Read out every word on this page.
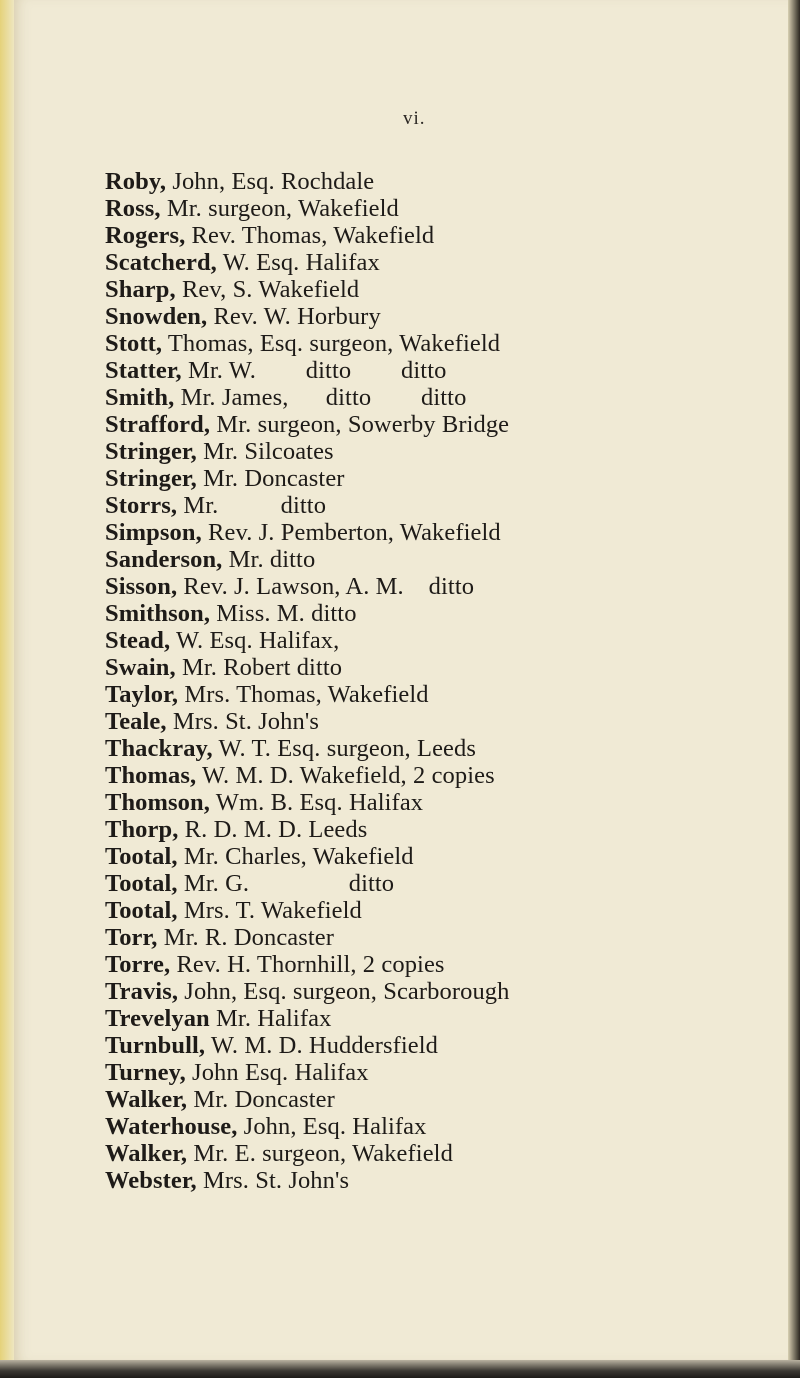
vi.

Roby, John, Esq. Rochdale
Ross, Mr. surgeon, Wakefield
Rogers, Rev. Thomas, Wakefield
Scatcherd, W. Esq. Halifax
Sharp, Rev, S. Wakefield
Snowden, Rev. W. Horbury
Stott, Thomas, Esq. surgeon, Wakefield
Statter, Mr. W.        ditto        ditto
Smith, Mr. James,      ditto        ditto
Strafford, Mr. surgeon, Sowerby Bridge
Stringer, Mr. Silcoates
Stringer, Mr. Doncaster
Storrs, Mr.          ditto
Simpson, Rev. J. Pemberton, Wakefield
Sanderson, Mr. ditto
Sisson, Rev. J. Lawson, A. M.    ditto
Smithson, Miss. M. ditto
Stead, W. Esq. Halifax,
Swain, Mr. Robert ditto
Taylor, Mrs. Thomas, Wakefield
Teale, Mrs. St. John's
Thackray, W. T. Esq. surgeon, Leeds
Thomas, W. M. D. Wakefield, 2 copies
Thomson, Wm. B. Esq. Halifax
Thorp, R. D. M. D. Leeds
Tootal, Mr. Charles, Wakefield
Tootal, Mr. G.                ditto
Tootal, Mrs. T. Wakefield
Torr, Mr. R. Doncaster
Torre, Rev. H. Thornhill, 2 copies
Travis, John, Esq. surgeon, Scarborough
Trevelyan Mr. Halifax
Turnbull, W. M. D. Huddersfield
Turney, John Esq. Halifax
Walker, Mr. Doncaster
Waterhouse, John, Esq. Halifax
Walker, Mr. E. surgeon, Wakefield
Webster, Mrs. St. John's
